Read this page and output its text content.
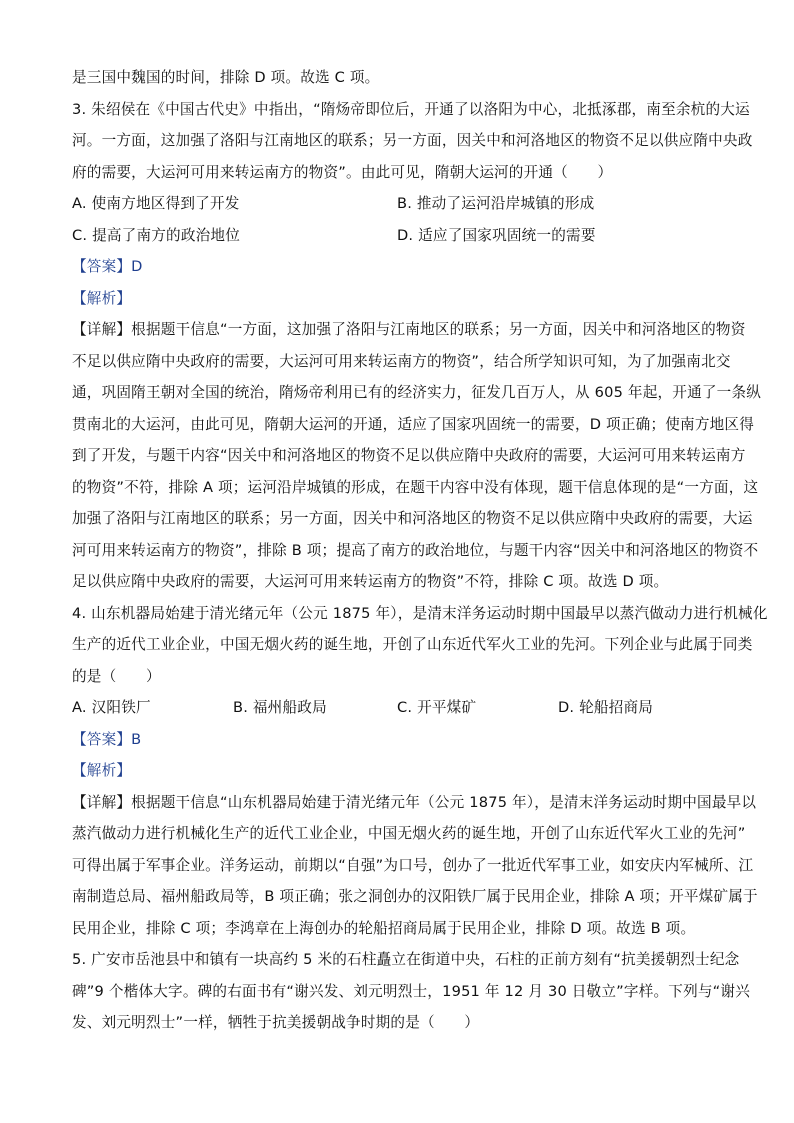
是三国中魏国的时间，排除 D 项。故选 C 项。
3. 朱绍侯在《中国古代史》中指出，“隋炀帝即位后，开通了以洛阳为中心，北抵涿郡，南至余杭的大运
河。一方面，这加强了洛阳与江南地区的联系；另一方面，因关中和河洛地区的物资不足以供应隋中央政
府的需要，大运河可用来转运南方的物资”。由此可见，隋朝大运河的开通（　　）
A. 使南方地区得到了开发	B. 推动了运河沿岸城镇的形成
C. 提高了南方的政治地位	D. 适应了国家巩固统一的需要
【答案】D
【解析】
【详解】根据题干信息“一方面，这加强了洛阳与江南地区的联系；另一方面，因关中和河洛地区的物资
不足以供应隋中央政府的需要，大运河可用来转运南方的物资”，结合所学知识可知，为了加强南北交
通，巩固隋王朝对全国的统治，隋炀帝利用已有的经济实力，征发几百万人，从 605 年起，开通了一条纵
贯南北的大运河，由此可见，隋朝大运河的开通，适应了国家巩固统一的需要，D 项正确；使南方地区得
到了开发，与题干内容“因关中和河洛地区的物资不足以供应隋中央政府的需要，大运河可用来转运南方
的物资”不符，排除 A 项；运河沿岸城镇的形成，在题干内容中没有体现，题干信息体现的是“一方面，这
加强了洛阳与江南地区的联系；另一方面，因关中和河洛地区的物资不足以供应隋中央政府的需要，大运
河可用来转运南方的物资”，排除 B 项；提高了南方的政治地位，与题干内容“因关中和河洛地区的物资不
足以供应隋中央政府的需要，大运河可用来转运南方的物资”不符，排除 C 项。故选 D 项。
4. 山东机器局始建于清光绪元年（公元 1875 年），是清末洋务运动时期中国最早以蒸汽做动力进行机械化
生产的近代工业企业，中国无烟火药的诞生地，开创了山东近代军火工业的先河。下列企业与此属于同类
的是（　　）
A. 汉阳铁厂	B. 福州船政局	C. 开平煤矿	D. 轮船招商局
【答案】B
【解析】
【详解】根据题干信息“山东机器局始建于清光绪元年（公元 1875 年），是清末洋务运动时期中国最早以
蒸汽做动力进行机械化生产的近代工业企业，中国无烟火药的诞生地，开创了山东近代军火工业的先河”
可得出属于军事企业。洋务运动，前期以“自强”为口号，创办了一批近代军事工业，如安庆内军械所、江
南制造总局、福州船政局等，B 项正确；张之洞创办的汉阳铁厂属于民用企业，排除 A 项；开平煤矿属于
民用企业，排除 C 项；李鸿章在上海创办的轮船招商局属于民用企业，排除 D 项。故选 B 项。
5. 广安市岳池县中和镇有一块高约 5 米的石柱矗立在街道中央，石柱的正前方刻有“抗美援朝烈士纪念
碑”9 个楷体大字。碑的右面书有“谢兴发、刘元明烈士，1951 年 12 月 30 日敬立”字样。下列与“谢兴
发、刘元明烈士”一样，牺牲于抗美援朝战争时期的是（　　）
